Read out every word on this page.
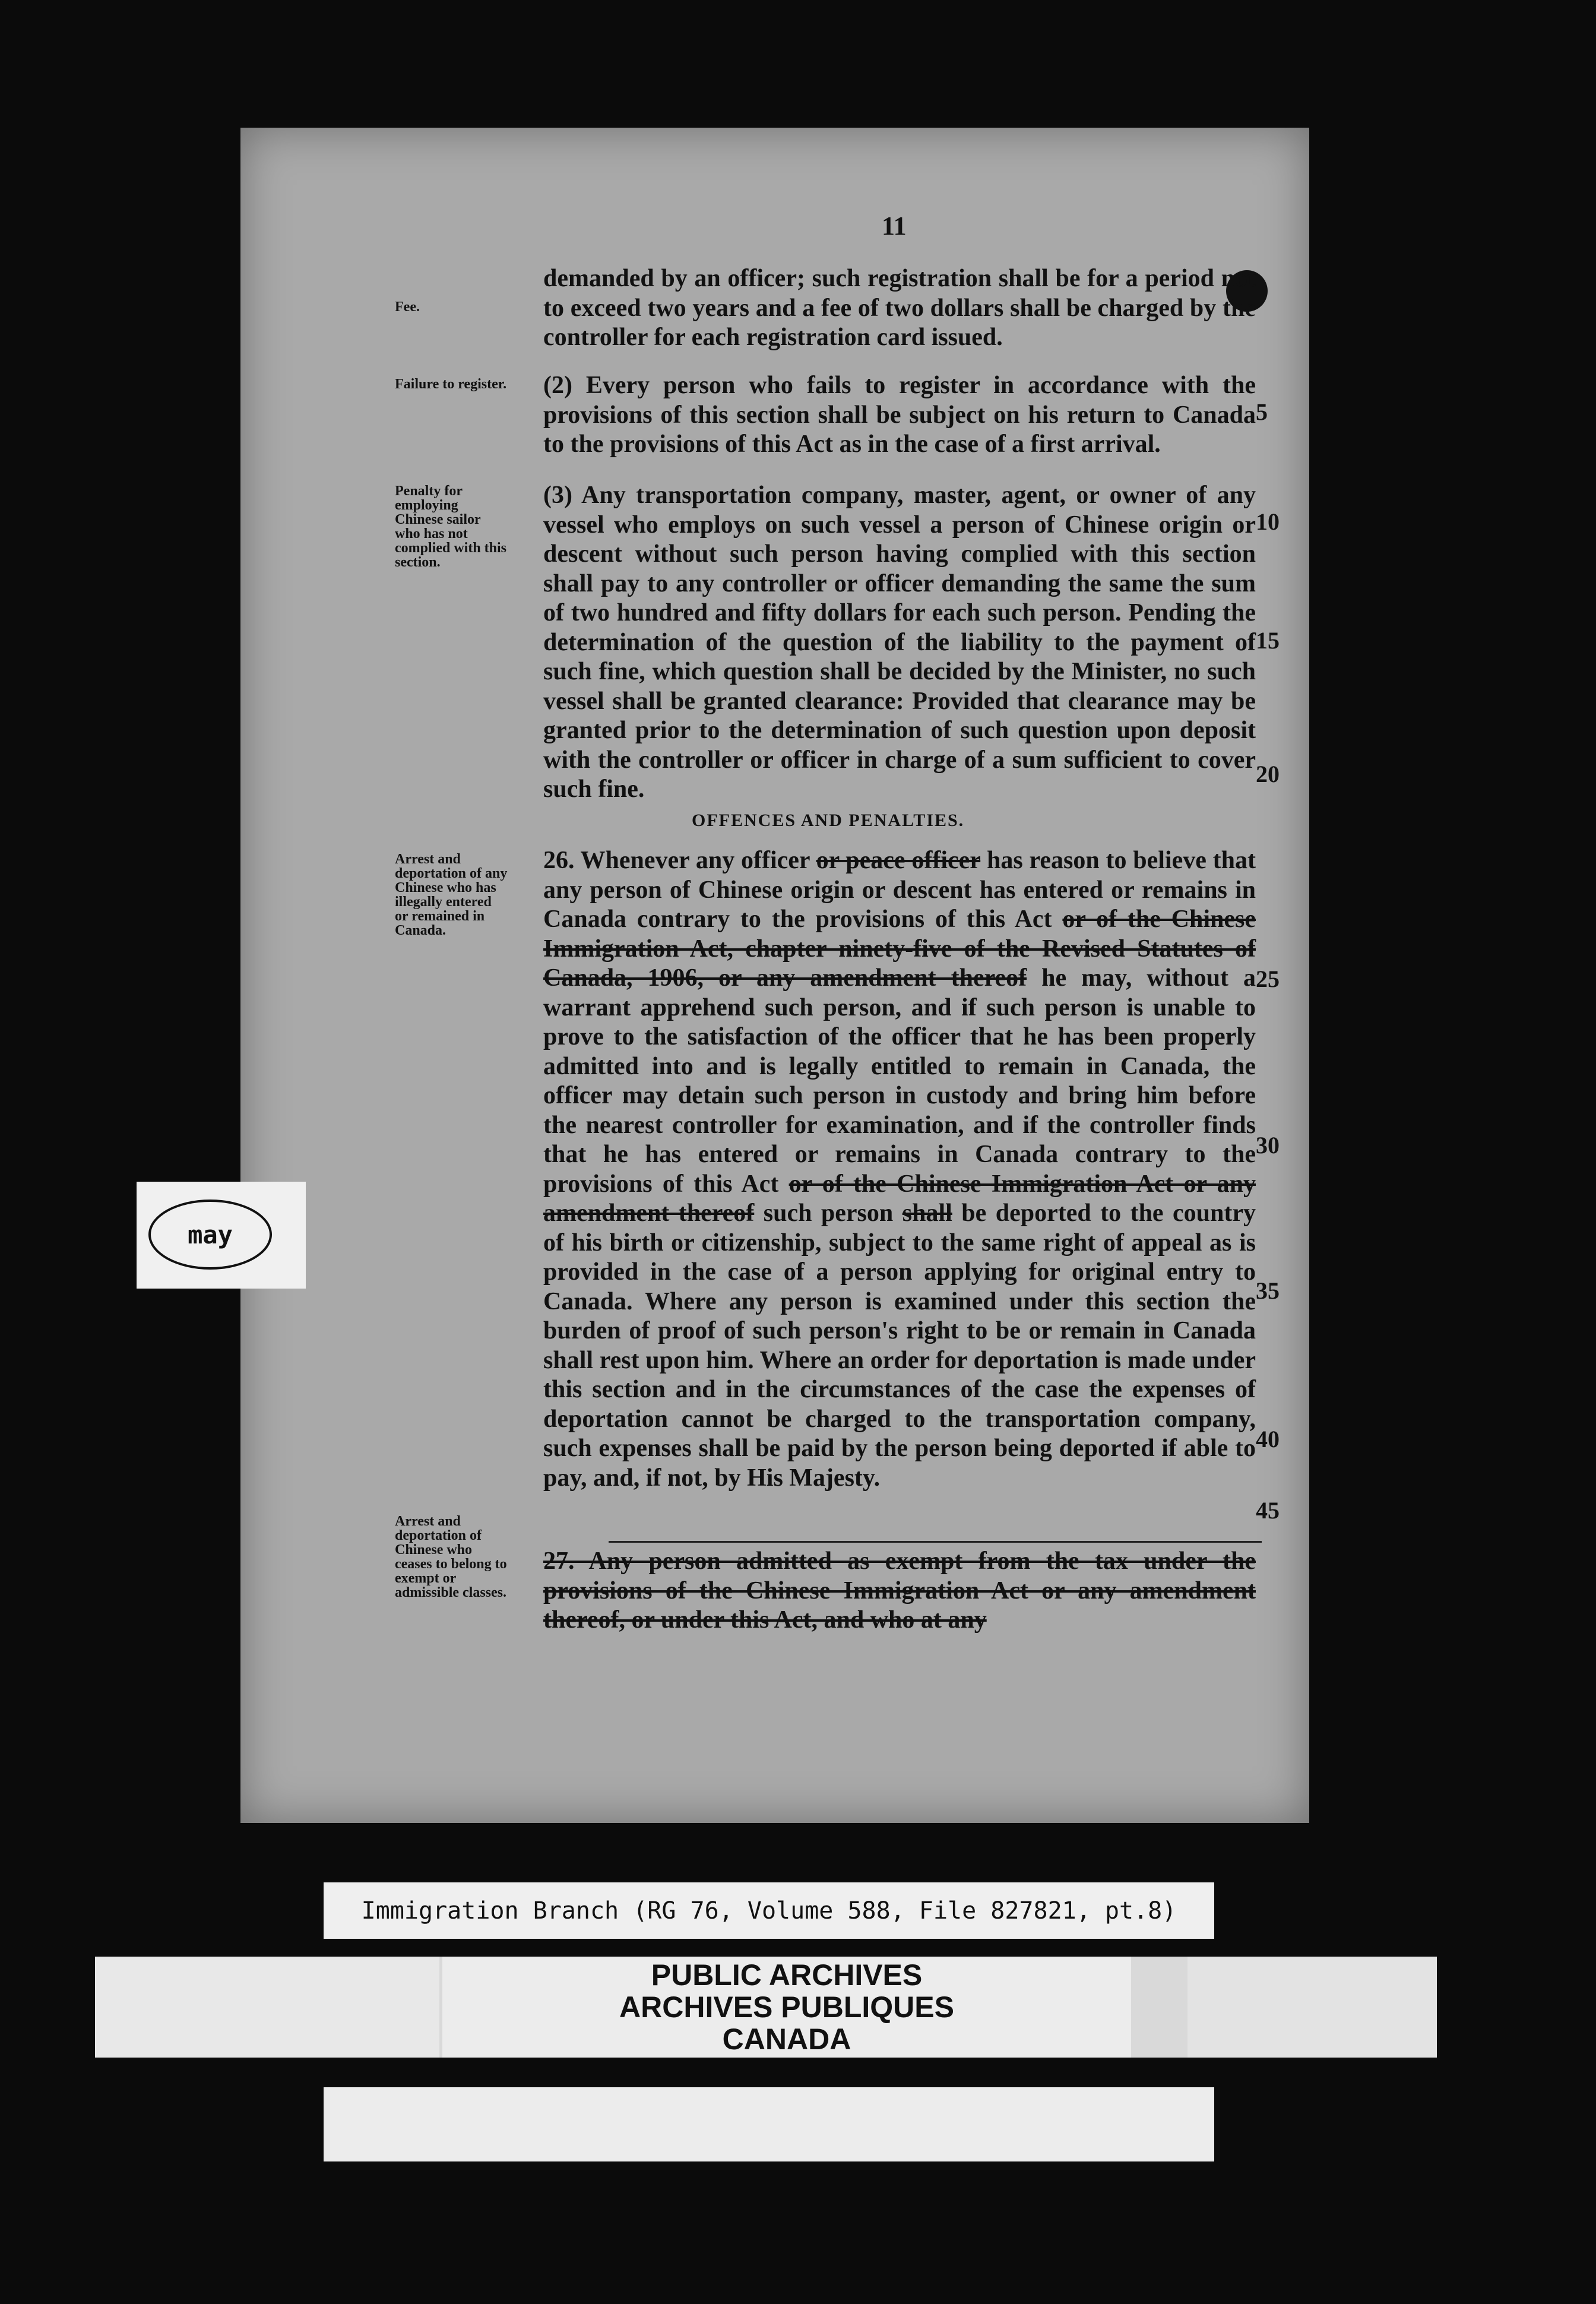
11
Fee.
Failure to register.
Penalty for employing Chinese sailor who has not complied with this section.
Arrest and deportation of any Chinese who has illegally entered or remained in Canada.
Arrest and deportation of Chinese who ceases to belong to exempt or admissible classes.
demanded by an officer; such registration shall be for a period not to exceed two years and a fee of two dollars shall be charged by the controller for each registration card issued.
(2) Every person who fails to register in accordance with the provisions of this section shall be subject on his return to Canada to the provisions of this Act as in the case of a first arrival.
(3) Any transportation company, master, agent, or owner of any vessel who employs on such vessel a person of Chinese origin or descent without such person having complied with this section shall pay to any controller or officer demanding the same the sum of two hundred and fifty dollars for each such person. Pending the determination of the question of the liability to the payment of such fine, which question shall be decided by the Minister, no such vessel shall be granted clearance: Provided that clearance may be granted prior to the determination of such question upon deposit with the controller or officer in charge of a sum sufficient to cover such fine.
OFFENCES AND PENALTIES.
26. Whenever any officer or peace officer has reason to believe that any person of Chinese origin or descent has entered or remains in Canada contrary to the provisions of this Act or of the Chinese Immigration Act, chapter ninety-five of the Revised Statutes of Canada, 1906, or any amendment thereof he may, without a warrant apprehend such person, and if such person is unable to prove to the satisfaction of the officer that he has been properly admitted into and is legally entitled to remain in Canada, the officer may detain such person in custody and bring him before the nearest controller for examination, and if the controller finds that he has entered or remains in Canada contrary to the provisions of this Act or of the Chinese Immigration Act or any amendment thereof such person shall be deported to the country of his birth or citizenship, subject to the same right of appeal as is provided in the case of a person applying for original entry to Canada. Where any person is examined under this section the burden of proof of such person's right to be or remain in Canada shall rest upon him. Where an order for deportation is made under this section and in the circumstances of the case the expenses of deportation cannot be charged to the transportation company, such expenses shall be paid by the person being deported if able to pay, and, if not, by His Majesty.
27. Any person admitted as exempt from the tax under the provisions of the Chinese Immigration Act or any amendment thereof, or under this Act, and who at any
5
10
15
20
25
30
35
40
45
may
Immigration Branch (RG 76, Volume 588, File 827821, pt.8)
PUBLIC ARCHIVES
ARCHIVES PUBLIQUES
CANADA
